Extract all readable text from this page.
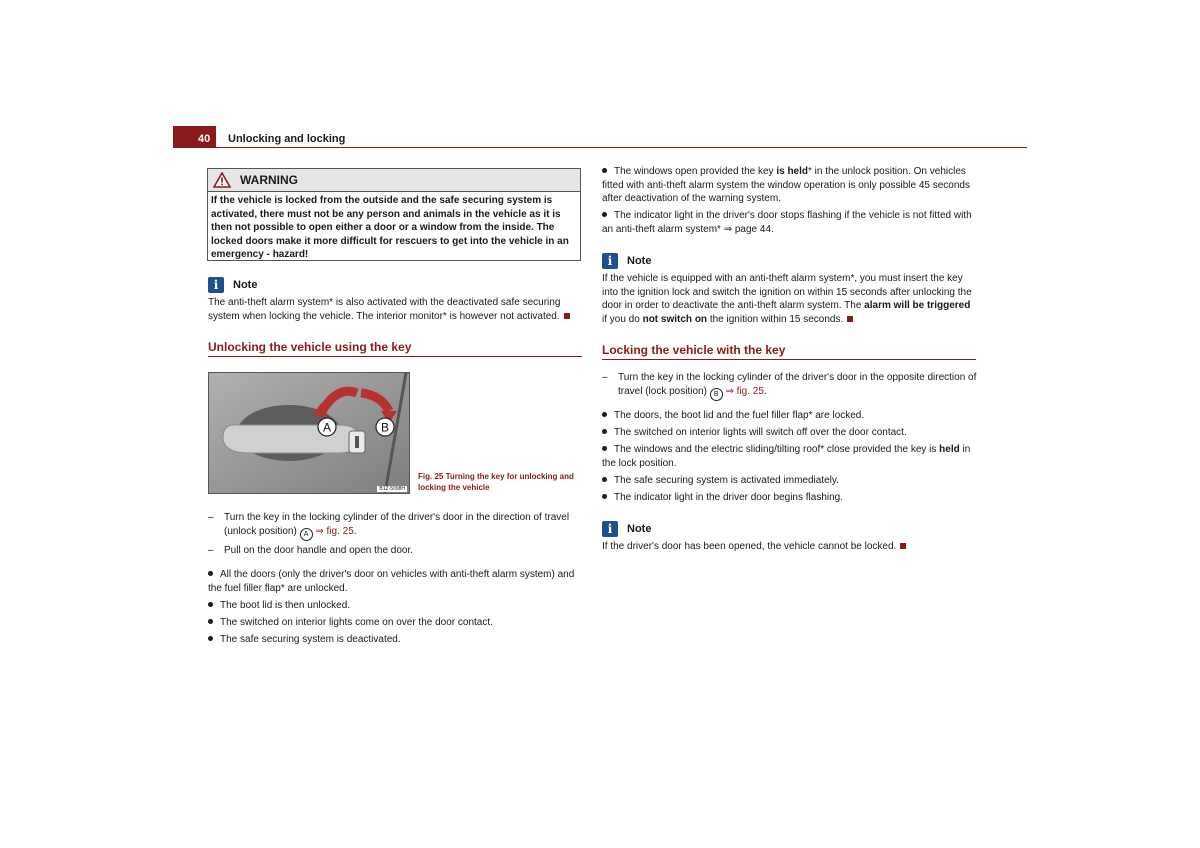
40 Unlocking and locking
WARNING
If the vehicle is locked from the outside and the safe securing system is activated, there must not be any person and animals in the vehicle as it is then not possible to open either a door or a window from the inside. The locked doors make it more difficult for rescuers to get into the vehicle in an emergency - hazard!
i	Note
The anti-theft alarm system* is also activated with the deactivated safe securing system when locking the vehicle. The interior monitor* is however not activated.
Unlocking the vehicle using the key
A	B
B1Z-5098H
Fig. 25 Turning the key for unlocking and locking the vehicle
– Turn the key in the locking cylinder of the driver's door in the direction of travel (unlock position) A ⇒ fig. 25.
– Pull on the door handle and open the door.
All the doors (only the driver's door on vehicles with anti-theft alarm system) and the fuel filler flap* are unlocked.
The boot lid is then unlocked.
The switched on interior lights come on over the door contact.
The safe securing system is deactivated.
The windows open provided the key is held* in the unlock position. On vehicles fitted with anti-theft alarm system the window operation is only possible 45 seconds after deactivation of the warning system.
The indicator light in the driver's door stops flashing if the vehicle is not fitted with an anti-theft alarm system* ⇒ page 44.
i	Note
If the vehicle is equipped with an anti-theft alarm system*, you must insert the key into the ignition lock and switch the ignition on within 15 seconds after unlocking the door in order to deactivate the anti-theft alarm system. The alarm will be triggered if you do not switch on the ignition within 15 seconds.
Locking the vehicle with the key
– Turn the key in the locking cylinder of the driver's door in the opposite direction of travel (lock position) B ⇒ fig. 25.
The doors, the boot lid and the fuel filler flap* are locked.
The switched on interior lights will switch off over the door contact.
The windows and the electric sliding/tilting roof* close provided the key is held in the lock position.
The safe securing system is activated immediately.
The indicator light in the driver door begins flashing.
i	Note
If the driver's door has been opened, the vehicle cannot be locked.
